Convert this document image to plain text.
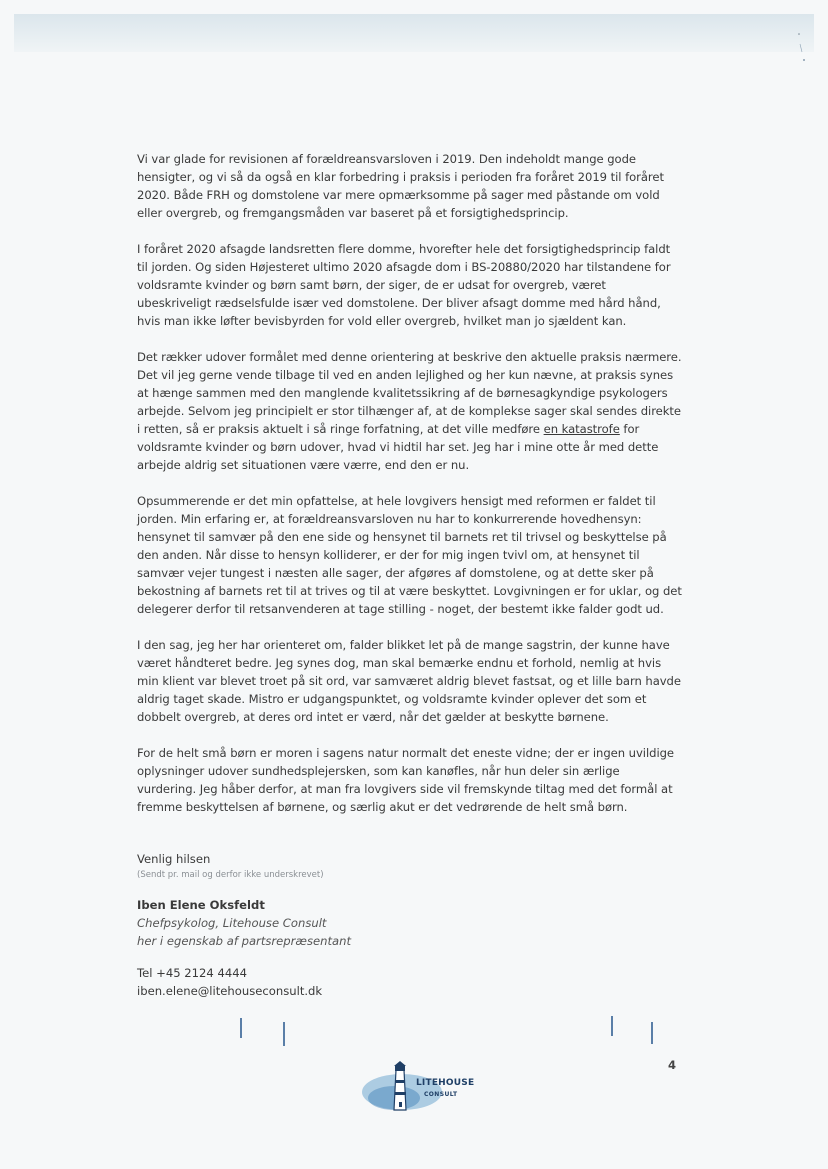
Vi var glade for revisionen af forældreansvarsloven i 2019. Den indeholdt mange gode hensigter, og vi så da også en klar forbedring i praksis i perioden fra foråret 2019 til foråret 2020. Både FRH og domstolene var mere opmærksomme på sager med påstande om vold eller overgreb, og fremgangsmåden var baseret på et forsigtighedsprincip.

I foråret 2020 afsagde landsretten flere domme, hvorefter hele det forsigtighedsprincip faldt til jorden. Og siden Højesteret ultimo 2020 afsagde dom i BS-20880/2020 har tilstandene for voldsramte kvinder og børn samt børn, der siger, de er udsat for overgreb, været ubeskriveligt rædselsfulde især ved domstolene. Der bliver afsagt domme med hård hånd, hvis man ikke løfter bevisbyrden for vold eller overgreb, hvilket man jo sjældent kan.

Det rækker udover formålet med denne orientering at beskrive den aktuelle praksis nærmere. Det vil jeg gerne vende tilbage til ved en anden lejlighed og her kun nævne, at praksis synes at hænge sammen med den manglende kvalitetssikring af de børnesagkyndige psykologers arbejde. Selvom jeg principielt er stor tilhænger af, at de komplekse sager skal sendes direkte i retten, så er praksis aktuelt i så ringe forfatning, at det ville medføre en katastrofe for voldsramte kvinder og børn udover, hvad vi hidtil har set. Jeg har i mine otte år med dette arbejde aldrig set situationen være værre, end den er nu.

Opsummerende er det min opfattelse, at hele lovgivers hensigt med reformen er faldet til jorden. Min erfaring er, at forældreansvarsloven nu har to konkurrerende hovedhensyn: hensynet til samvær på den ene side og hensynet til barnets ret til trivsel og beskyttelse på den anden. Når disse to hensyn kolliderer, er der for mig ingen tvivl om, at hensynet til samvær vejer tungest i næsten alle sager, der afgøres af domstolene, og at dette sker på bekostning af barnets ret til at trives og til at være beskyttet. Lovgivningen er for uklar, og det delegerer derfor til retsanvenderen at tage stilling - noget, der bestemt ikke falder godt ud.

I den sag, jeg her har orienteret om, falder blikket let på de mange sagstrin, der kunne have været håndteret bedre. Jeg synes dog, man skal bemærke endnu et forhold, nemlig at hvis min klient var blevet troet på sit ord, var samværet aldrig blevet fastsat, og et lille barn havde aldrig taget skade. Mistro er udgangspunktet, og voldsramte kvinder oplever det som et dobbelt overgreb, at deres ord intet er værd, når det gælder at beskytte børnene.

For de helt små børn er moren i sagens natur normalt det eneste vidne; der er ingen uvildige oplysninger udover sundhedsplejersken, som kan kanøfles, når hun deler sin ærlige vurdering. Jeg håber derfor, at man fra lovgivers side vil fremskynde tiltag med det formål at fremme beskyttelsen af børnene, og særlig akut er det vedrørende de helt små børn.

Venlig hilsen
(Sendt pr. mail og derfor ikke underskrevet)
Iben Elene Oksfeldt
Chefpsykolog, Litehouse Consult
her i egenskab af partsrepræsentant
Tel +45 2124 4444
iben.elene@litehouseconsult.dk
LITEHOUSE
CONSULT
4
